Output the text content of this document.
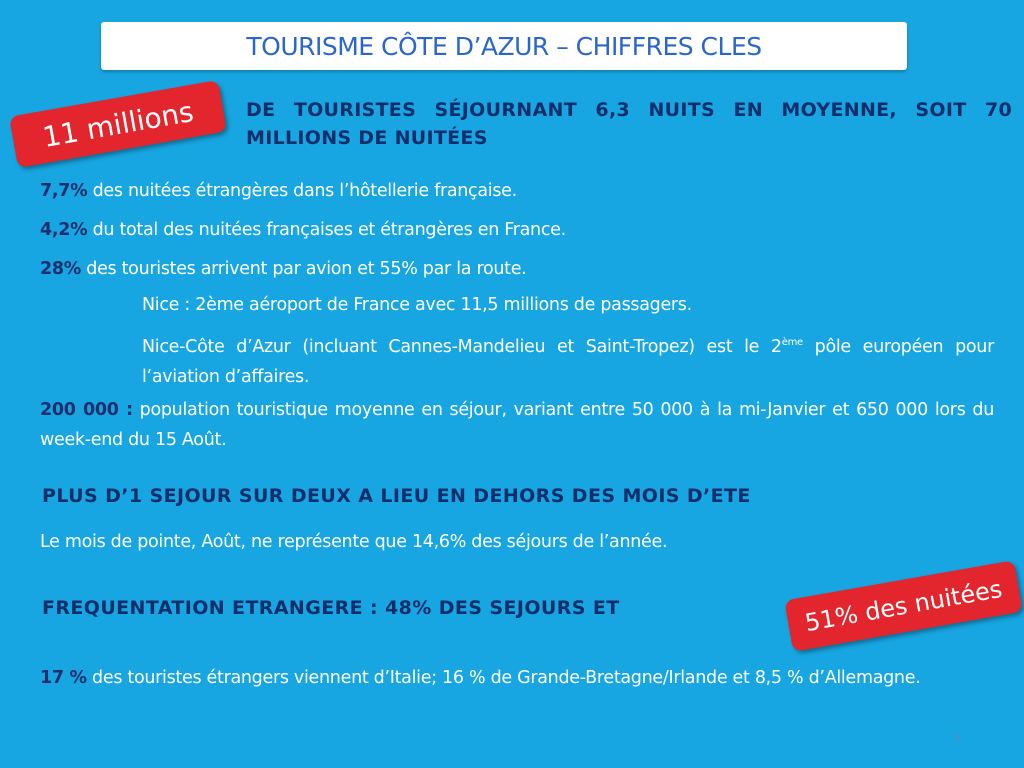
TOURISME CÔTE D’AZUR – CHIFFRES CLES
11 millions	DE TOURISTES SÉJOURNANT 6,3 NUITS EN MOYENNE, SOIT 70 MILLIONS DE NUITÉES
7,7% des nuitées étrangères dans l’hôtellerie française.
4,2% du total des nuitées françaises et étrangères en France.
28% des touristes arrivent par avion et 55% par la route.
Nice : 2ème aéroport de France avec 11,5 millions de passagers.
Nice-Côte d’Azur (incluant Cannes-Mandelieu et Saint-Tropez) est le 2ème pôle européen pour l’aviation d’affaires.
200 000 : population touristique moyenne en séjour, variant entre 50 000 à la mi-Janvier et 650 000 lors du week-end du 15 Août.
PLUS D’1 SEJOUR SUR DEUX A LIEU EN DEHORS DES MOIS D’ETE
Le mois de pointe, Août, ne représente que 14,6% des séjours de l’année.
FREQUENTATION ETRANGERE : 48% DES SEJOURS ET	51% des nuitées
17 % des touristes étrangers viennent d’Italie; 16 % de Grande-Bretagne/Irlande et 8,5 % d’Allemagne.
3
